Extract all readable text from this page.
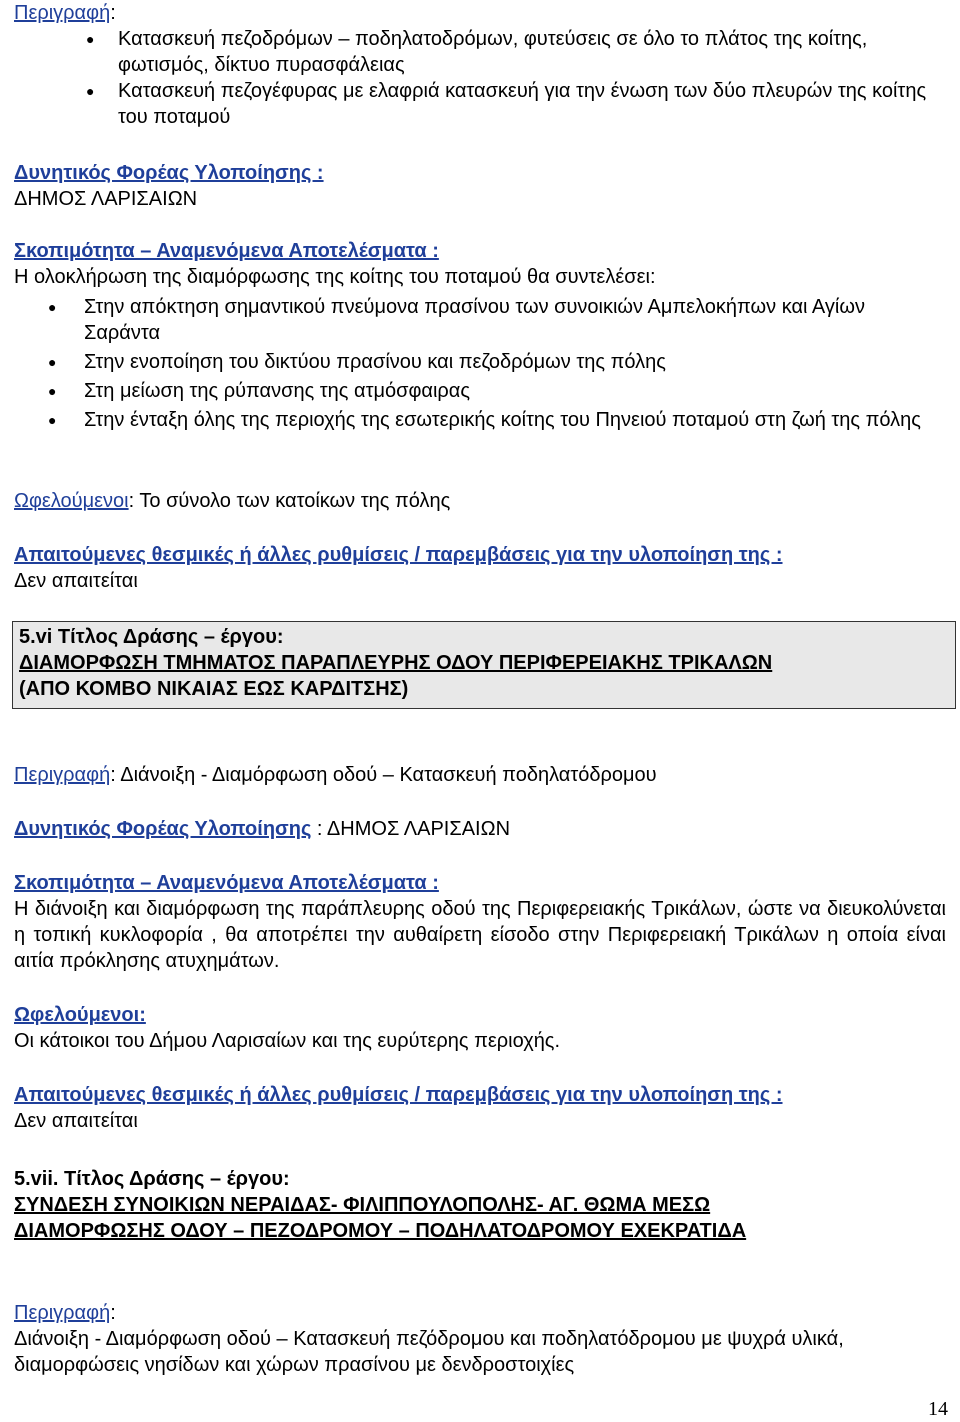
Περιγραφή:
● Κατασκευή πεζοδρόμων – ποδηλατοδρόμων, φυτεύσεις σε όλο το πλάτος της κοίτης, φωτισμός, δίκτυο πυρασφάλειας
● Κατασκευή πεζογέφυρας με ελαφριά κατασκευή για την ένωση των δύο πλευρών της κοίτης του ποταμού
Δυνητικός Φορέας Υλοποίησης :
ΔΗΜΟΣ ΛΑΡΙΣΑΙΩΝ
Σκοπιμότητα – Αναμενόμενα Αποτελέσματα :
Η ολοκλήρωση της διαμόρφωσης της κοίτης του ποταμού θα συντελέσει:
● Στην απόκτηση σημαντικού πνεύμονα πρασίνου των συνοικιών Αμπελοκήπων και Αγίων Σαράντα
● Στην ενοποίηση του δικτύου πρασίνου και πεζοδρόμων της πόλης
● Στη μείωση της ρύπανσης της ατμόσφαιρας
● Στην ένταξη όλης της περιοχής της εσωτερικής κοίτης του Πηνειού ποταμού στη ζωή της πόλης
Ωφελούμενοι: Το σύνολο των κατοίκων της πόλης
Απαιτούμενες θεσμικές ή άλλες ρυθμίσεις / παρεμβάσεις για την υλοποίηση της :
Δεν απαιτείται
5.vi Τίτλος Δράσης – έργου:
ΔΙΑΜΟΡΦΩΣΗ ΤΜΗΜΑΤΟΣ ΠΑΡΑΠΛΕΥΡΗΣ ΟΔΟΥ ΠΕΡΙΦΕΡΕΙΑΚΗΣ ΤΡΙΚΑΛΩΝ
(ΑΠΟ ΚΟΜΒΟ ΝΙΚΑΙΑΣ ΕΩΣ ΚΑΡΔΙΤΣΗΣ)
Περιγραφή: Διάνοιξη - Διαμόρφωση οδού – Κατασκευή ποδηλατόδρομου
Δυνητικός Φορέας Υλοποίησης : ΔΗΜΟΣ ΛΑΡΙΣΑΙΩΝ
Σκοπιμότητα – Αναμενόμενα Αποτελέσματα :
Η διάνοιξη και διαμόρφωση της παράπλευρης οδού της Περιφερειακής Τρικάλων, ώστε να διευκολύνεται η τοπική κυκλοφορία , θα αποτρέπει την αυθαίρετη είσοδο στην Περιφερειακή Τρικάλων η οποία είναι αιτία πρόκλησης ατυχημάτων.
Ωφελούμενοι:
Οι κάτοικοι του Δήμου Λαρισαίων και της ευρύτερης περιοχής.
Απαιτούμενες θεσμικές ή άλλες ρυθμίσεις / παρεμβάσεις για την υλοποίηση της :
Δεν απαιτείται
5.vii. Τίτλος Δράσης – έργου:
ΣΥΝΔΕΣΗ ΣΥΝΟΙΚΙΩΝ ΝΕΡΑΙΔΑΣ- ΦΙΛΙΠΠΟΥΛΟΠΟΛΗΣ- ΑΓ. ΘΩΜΑ ΜΕΣΩ
ΔΙΑΜΟΡΦΩΣΗΣ ΟΔΟΥ – ΠΕΖΟΔΡΟΜΟΥ – ΠΟΔΗΛΑΤΟΔΡΟΜΟΥ ΕΧΕΚΡΑΤΙΔΑ
Περιγραφή:
Διάνοιξη - Διαμόρφωση οδού – Κατασκευή πεζόδρομου και ποδηλατόδρομου με ψυχρά υλικά, διαμορφώσεις νησίδων και χώρων πρασίνου με δενδροστοιχίες
14
